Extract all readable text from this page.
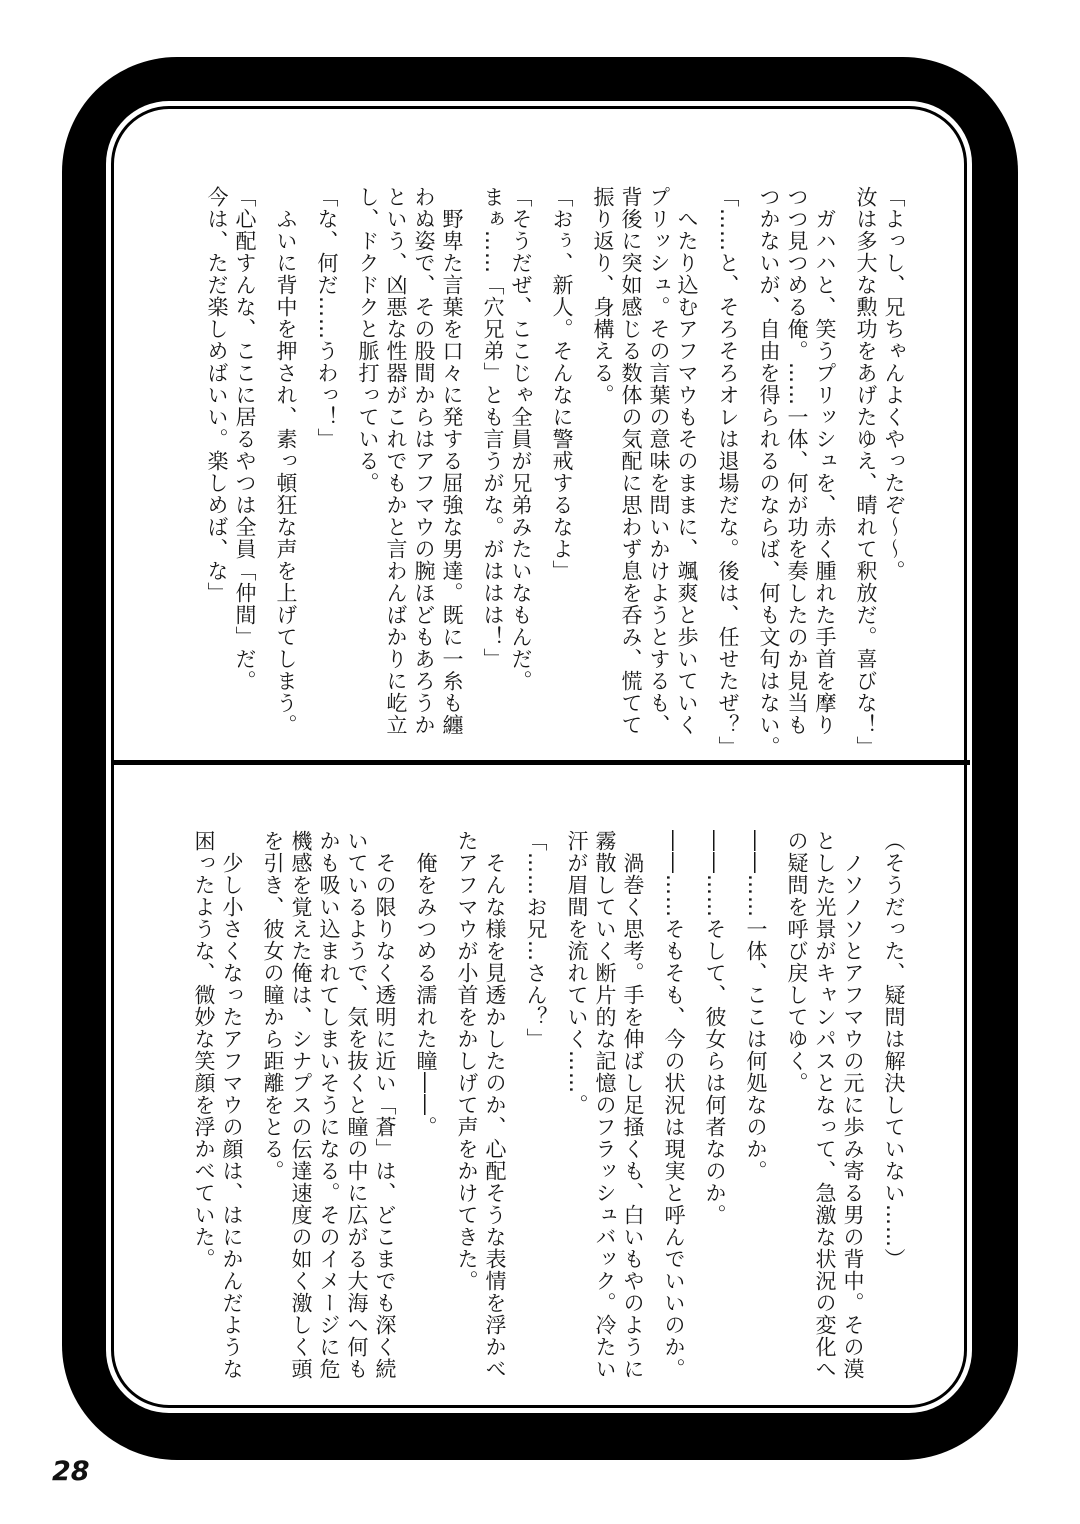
「よっし、兄ちゃんよくやったぞ～～。
汝は多大な勲功をあげたゆえ、晴れて釈放だ。喜びな！」
ガハハと、笑うプリッシュを、赤く腫れた手首を摩り
つつ見つめる俺。……一体、何が功を奏したのか見当も
つかないが、自由を得られるのならば、何も文句はない。
「……と、そろそろオレは退場だな。後は、任せたぜ？」
へたり込むアフマウもそのままに、颯爽と歩いていく
プリッシュ。その言葉の意味を問いかけようとするも、
背後に突如感じる数体の気配に思わず息を呑み、慌てて
振り返り、身構える。
「おぅ、新人。そんなに警戒するなよ」
「そうだぜ、ここじゃ全員が兄弟みたいなもんだ。
まぁ……「穴兄弟」とも言うがな。がははは！」
野卑た言葉を口々に発する屈強な男達。既に一糸も纏
わぬ姿で、その股間からはアフマウの腕ほどもあろうか
という、凶悪な性器がこれでもかと言わんばかりに屹立
し、ドクドクと脈打っている。
「な、何だ……うわっ！」
ふいに背中を押され、素っ頓狂な声を上げてしまう。
「心配すんな、ここに居るやつは全員「仲間」だ。
今は、ただ楽しめばいい。楽しめば、な」
（そうだった、疑問は解決していない……）
ノソノソとアフマウの元に歩み寄る男の背中。その漠
とした光景がキャンパスとなって、急激な状況の変化へ
の疑問を呼び戻してゆく。
――……一体、ここは何処なのか。
――……そして、彼女らは何者なのか。
――……そもそも、今の状況は現実と呼んでいいのか。
渦巻く思考。手を伸ばし足掻くも、白いもやのように
霧散していく断片的な記憶のフラッシュバック。冷たい
汗が眉間を流れていく……。
「……お兄…さん？」
そんな様を見透かしたのか、心配そうな表情を浮かべ
たアフマウが小首をかしげて声をかけてきた。
俺をみつめる濡れた瞳――。
その限りなく透明に近い「蒼」は、どこまでも深く続
いているようで、気を抜くと瞳の中に広がる大海へ何も
かも吸い込まれてしまいそうになる。そのイメージに危
機感を覚えた俺は、シナプスの伝達速度の如く激しく頭
を引き、彼女の瞳から距離をとる。
少し小さくなったアフマウの顔は、はにかんだような
困ったような、微妙な笑顔を浮かべていた。
28
